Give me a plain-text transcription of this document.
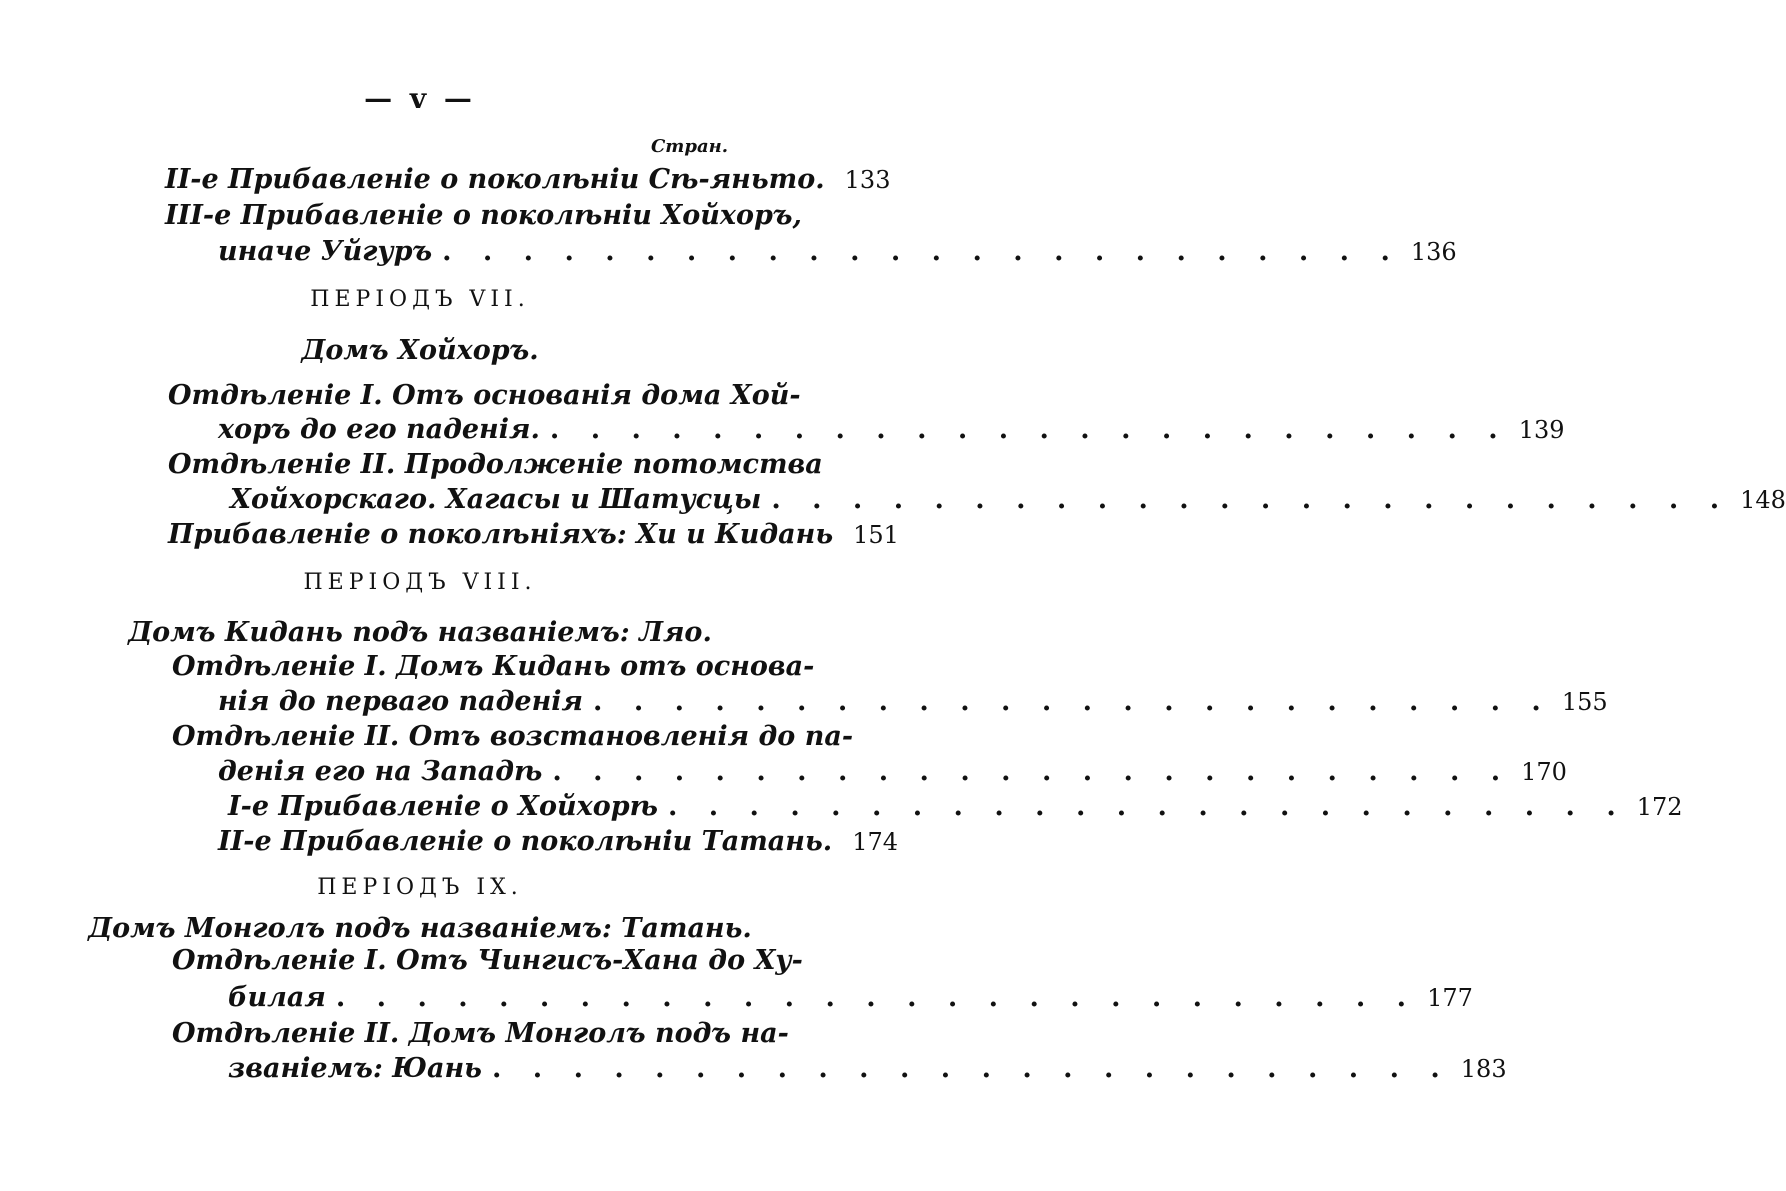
— v —
Стран.
II-е Прибавленіе о поколѣніи Сѣ-яньто. 133
III-е Прибавленіе о поколѣніи Хойхоръ,
иначе Уйгуръ . . . . . . . . . . . . . . . . . . . . . . . . 136
ПЕРІОДЪ VII.
Домъ Хойхоръ.
Отдѣленіе I. Отъ основанія дома Хой-
хоръ до его паденія. . . . . . . . . . . . . . . . . . . . . . . . . 139
Отдѣленіе II. Продолженіе потомства
Хойхорскаго. Хагасы и Шатусцы . . . . . . . . . . . . . . . . . . . . . . . . 148
Прибавленіе о поколѣніяхъ: Хи и Кидань 151
ПЕРІОДЪ VIII.
Домъ Кидань подъ названіемъ: Ляо.
Отдѣленіе I. Домъ Кидань отъ основа-
нія до перваго паденія . . . . . . . . . . . . . . . . . . . . . . . . 155
Отдѣленіе II. Отъ возстановленія до па-
денія его на Западѣ . . . . . . . . . . . . . . . . . . . . . . . . 170
I-е Прибавленіе о Хойхорѣ . . . . . . . . . . . . . . . . . . . . . . . . 172
II-е Прибавленіе о поколѣніи Татань. 174
ПЕРІОДЪ IX.
Домъ Монголъ подъ названіемъ: Татань.
Отдѣленіе I. Отъ Чингисъ-Хана до Ху-
билая . . . . . . . . . . . . . . . . . . . . . . . . . . . 177
Отдѣленіе II. Домъ Монголъ подъ на-
званіемъ: Юань . . . . . . . . . . . . . . . . . . . . . . . . 183
